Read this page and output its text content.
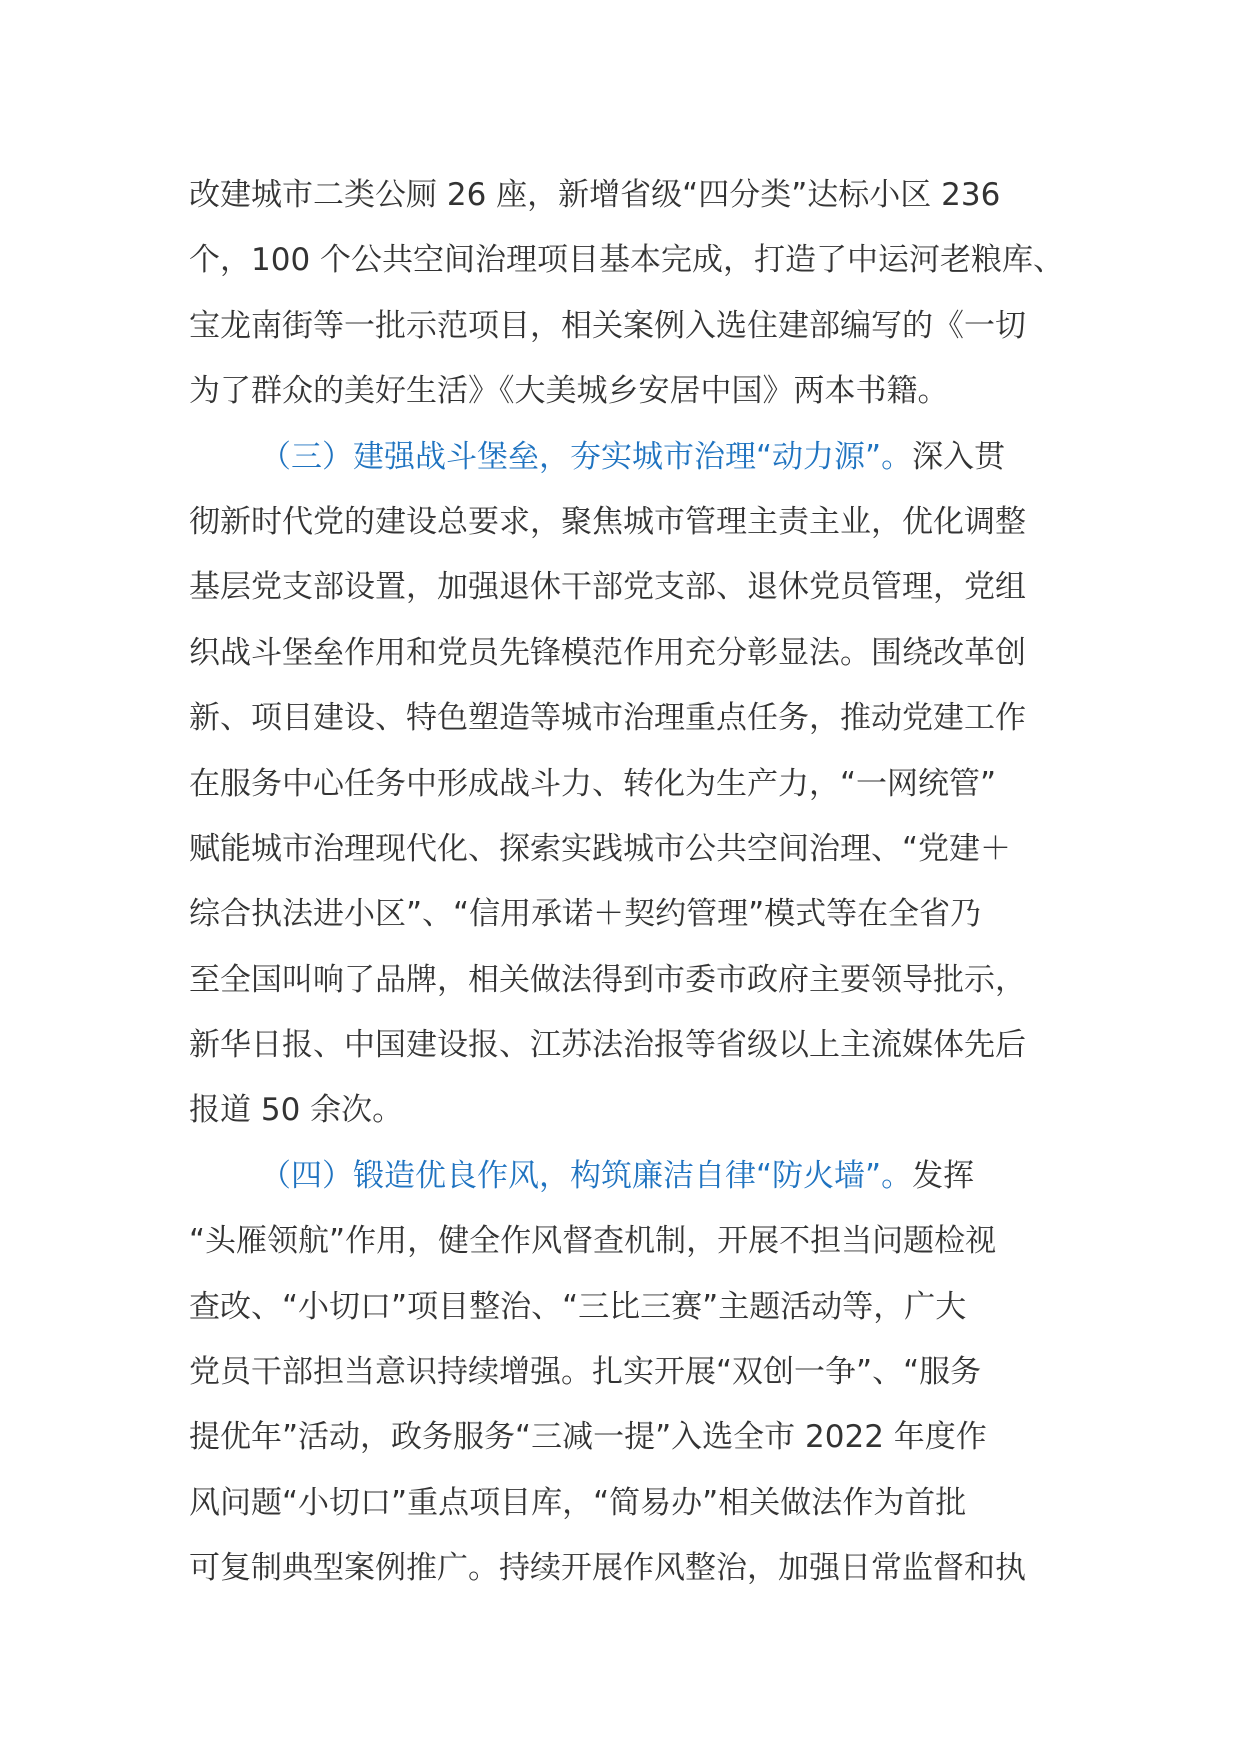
改建城市二类公厕 26 座，新增省级“四分类”达标小区 236
个，100 个公共空间治理项目基本完成，打造了中运河老粮库、
宝龙南街等一批示范项目，相关案例入选住建部编写的《一切
为了群众的美好生活》《大美城乡安居中国》两本书籍。
（三）建强战斗堡垒，夯实城市治理“动力源”。深入贯
彻新时代党的建设总要求，聚焦城市管理主责主业，优化调整
基层党支部设置，加强退休干部党支部、退休党员管理，党组
织战斗堡垒作用和党员先锋模范作用充分彰显法。围绕改革创
新、项目建设、特色塑造等城市治理重点任务，推动党建工作
在服务中心任务中形成战斗力、转化为生产力，“一网统管”
赋能城市治理现代化、探索实践城市公共空间治理、“党建＋
综合执法进小区”、“信用承诺＋契约管理”模式等在全省乃
至全国叫响了品牌，相关做法得到市委市政府主要领导批示，
新华日报、中国建设报、江苏法治报等省级以上主流媒体先后
报道 50 余次。
（四）锻造优良作风，构筑廉洁自律“防火墙”。发挥
“头雁领航”作用，健全作风督查机制，开展不担当问题检视
查改、“小切口”项目整治、“三比三赛”主题活动等，广大
党员干部担当意识持续增强。扎实开展“双创一争”、“服务
提优年”活动，政务服务“三减一提”入选全市 2022 年度作
风问题“小切口”重点项目库，“简易办”相关做法作为首批
可复制典型案例推广。持续开展作风整治，加强日常监督和执
